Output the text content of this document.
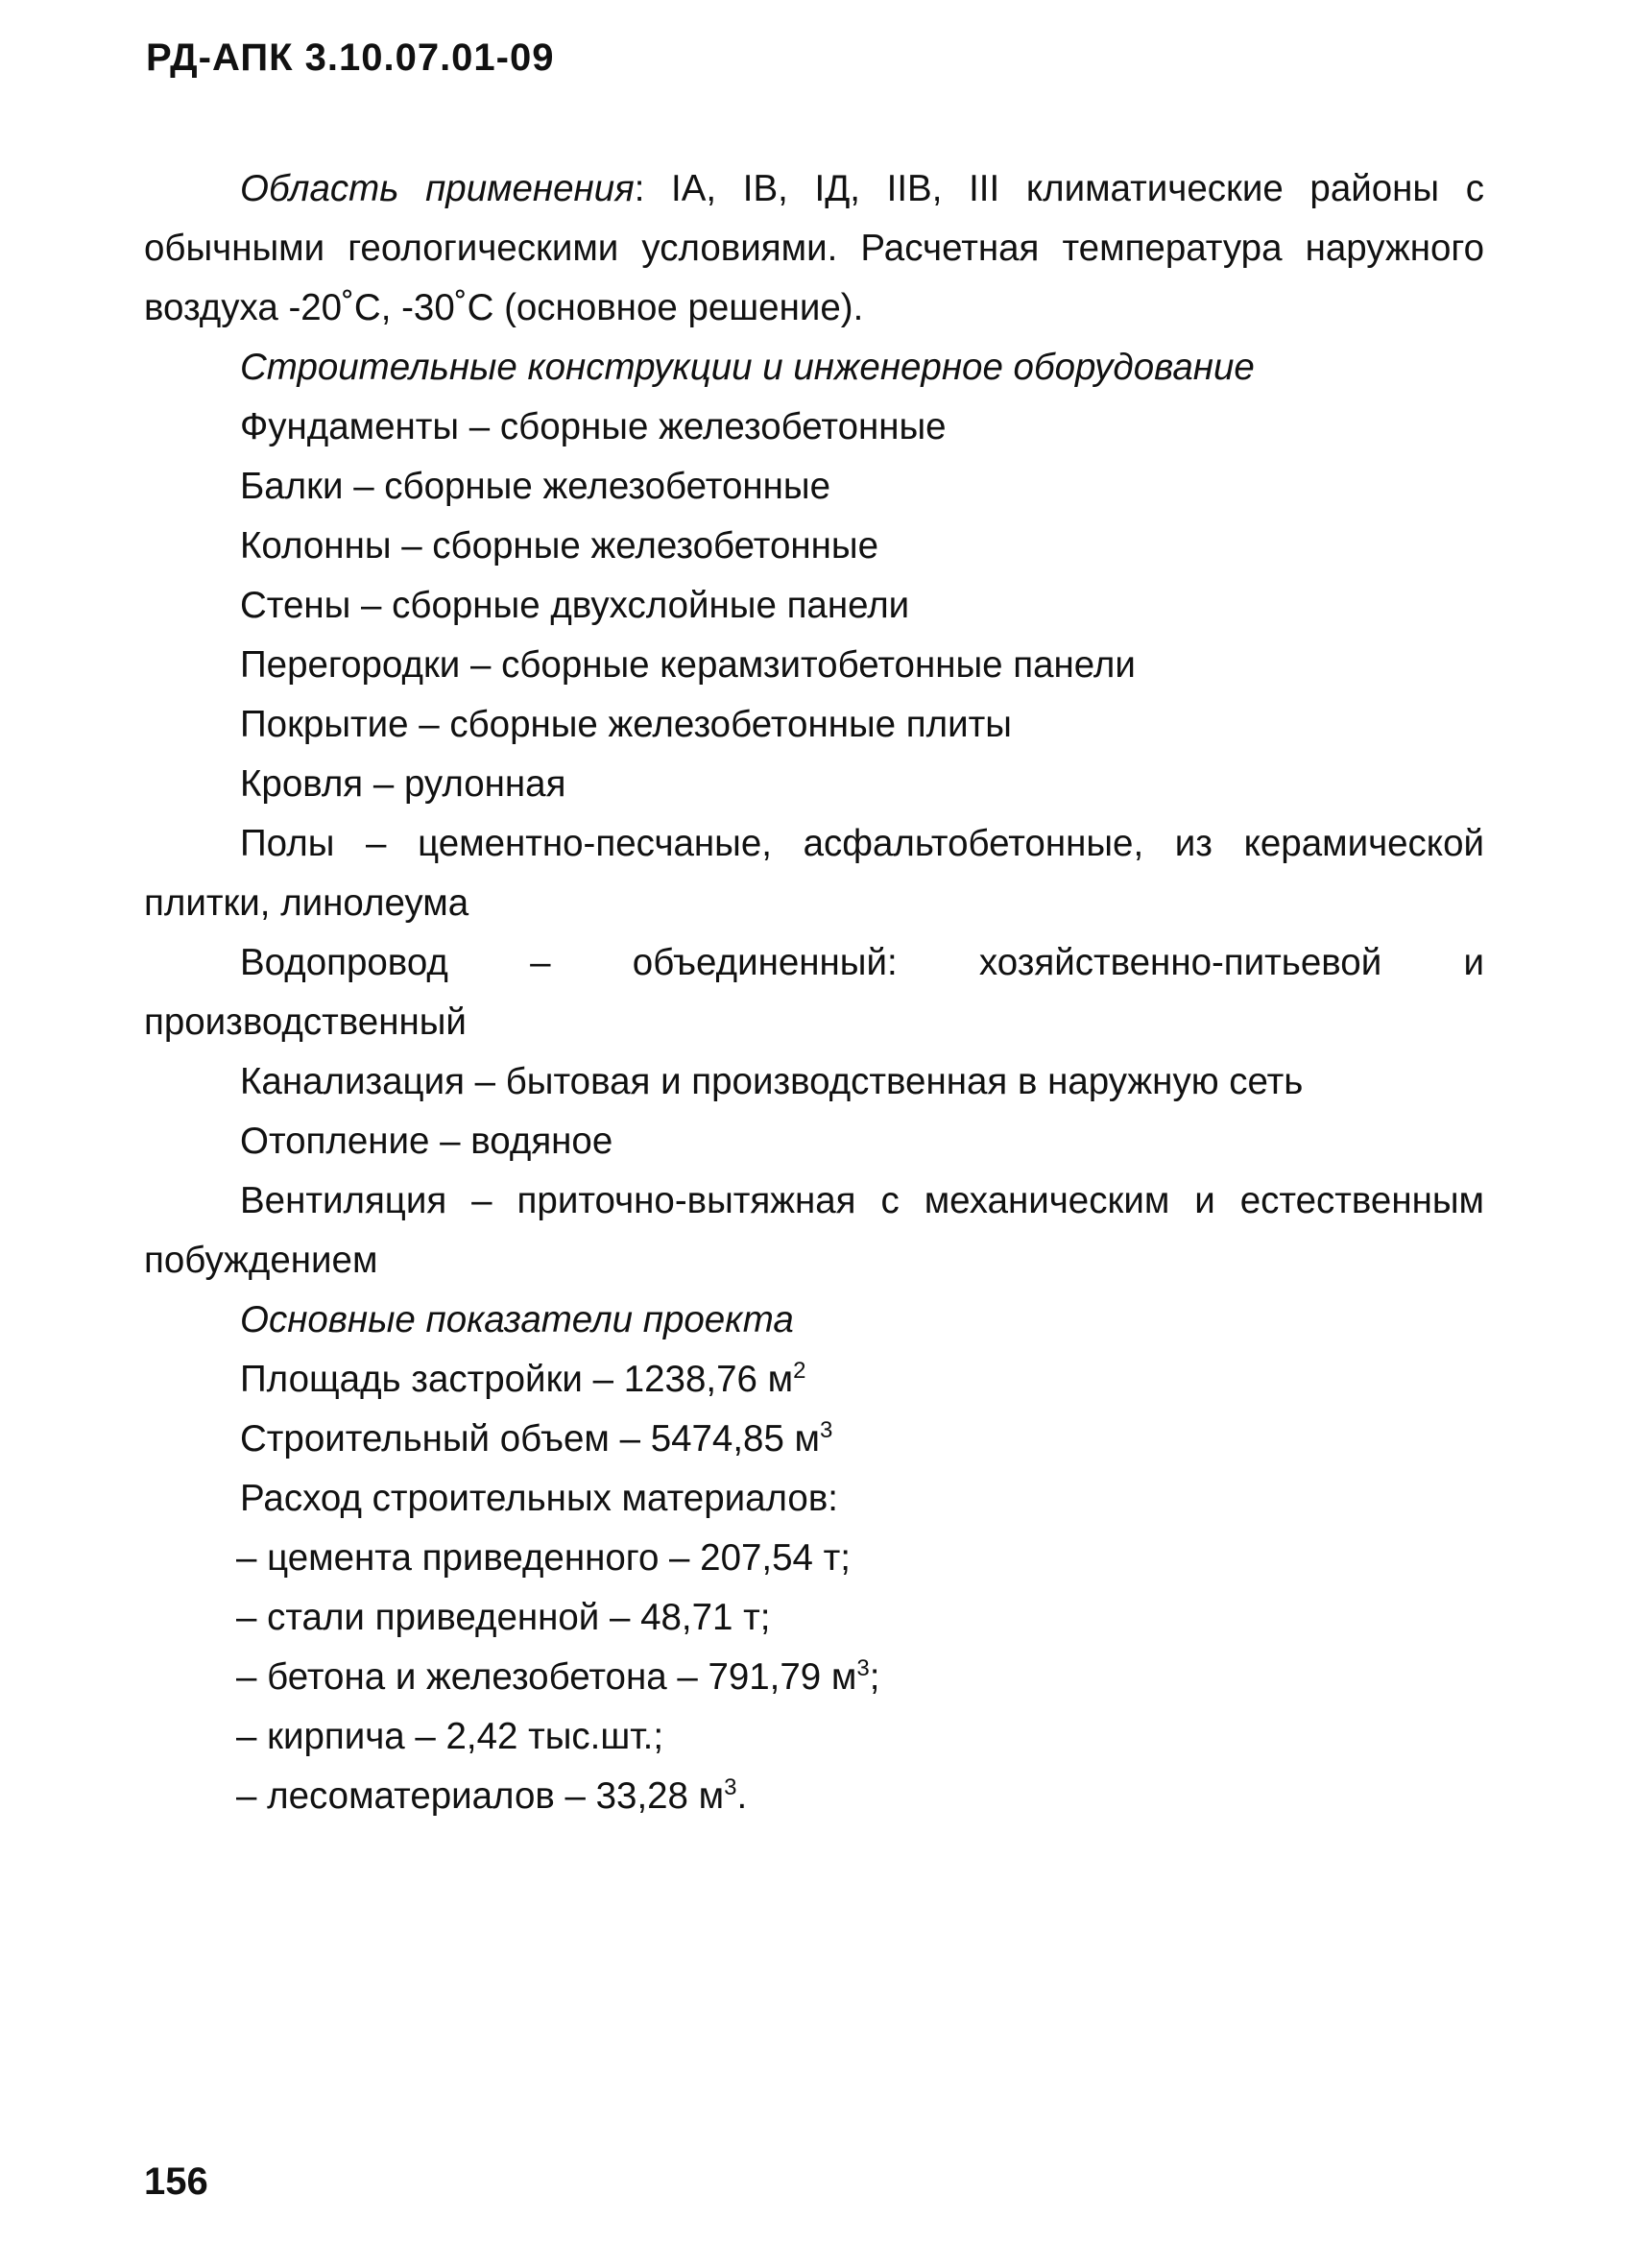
РД-АПК 3.10.07.01-09

Область применения: IA, IB, IД, IIB, III климатические районы с обычными геологическими условиями. Расчетная температура наружного воздуха -20˚С, -30˚С (основное решение).

Строительные конструкции и инженерное оборудование

Фундаменты – сборные железобетонные

Балки – сборные железобетонные

Колонны – сборные железобетонные

Стены – сборные двухслойные панели

Перегородки – сборные керамзитобетонные панели

Покрытие – сборные железобетонные плиты

Кровля – рулонная

Полы – цементно-песчаные, асфальтобетонные, из керамической плитки, линолеума

Водопровод – объединенный: хозяйственно-питьевой и производственный

Канализация – бытовая и производственная в наружную сеть

Отопление – водяное

Вентиляция – приточно-вытяжная с механическим и естественным побуждением

Основные показатели проекта

Площадь застройки – 1238,76 $м^2$

Строительный объем – 5474,85 $м^3$

Расход строительных материалов:

– цемента приведенного – 207,54 т;

– стали приведенной – 48,71 т;

– бетона и железобетона – 791,79 $м^3$;

– кирпича – 2,42 тыс.шт.;

– лесоматериалов – 33,28 $м^3$.

156
